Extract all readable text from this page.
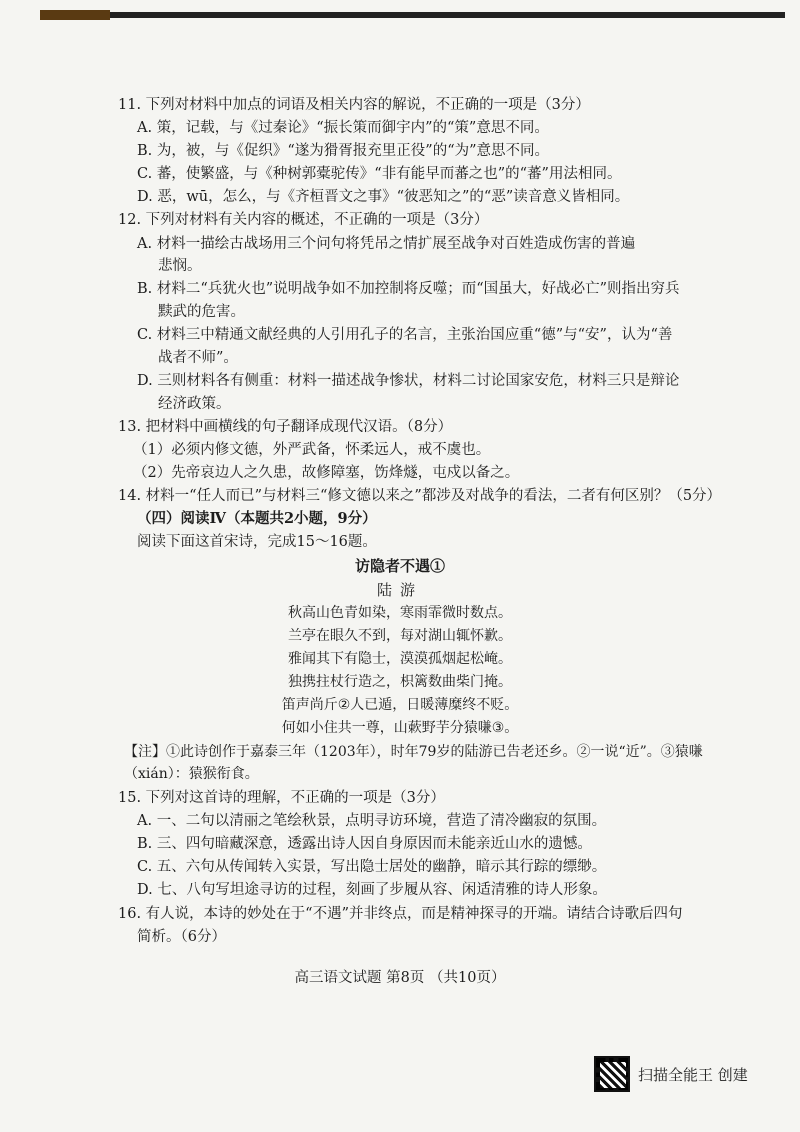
11. 下列对材料中加点的词语及相关内容的解说，不正确的一项是（3分）
A. 策，记载，与《过秦论》“振长策而御宇内”的“策”意思不同。
B. 为，被，与《促织》“遂为猾胥报充里正役”的“为”意思不同。
C. 蕃，使繁盛，与《种树郭橐驼传》“非有能早而蕃之也”的“蕃”用法相同。
D. 恶，wū，怎么，与《齐桓晋文之事》“彼恶知之”的“恶”读音意义皆相同。
12. 下列对材料有关内容的概述，不正确的一项是（3分）
A. 材料一描绘古战场用三个问句将凭吊之情扩展至战争对百姓造成伤害的普遍
悲悯。
B. 材料二“兵犹火也”说明战争如不加控制将反噬；而“国虽大，好战必亡”则指出穷兵
黩武的危害。
C. 材料三中精通文献经典的人引用孔子的名言，主张治国应重“德”与“安”，认为“善
战者不师”。
D. 三则材料各有侧重：材料一描述战争惨状，材料二讨论国家安危，材料三只是辩论
经济政策。
13. 把材料中画横线的句子翻译成现代汉语。（8分）
（1）必须内修文德，外严武备，怀柔远人，戒不虞也。
（2）先帝哀边人之久患，故修障塞，饬烽燧，屯戍以备之。
14. 材料一“任人而已”与材料三“修文德以来之”都涉及对战争的看法，二者有何区别？（5分）
（四）阅读Ⅳ（本题共2小题，9分）
阅读下面这首宋诗，完成15～16题。
访隐者不遇①
陆游
秋高山色青如染，寒雨霏微时数点。
兰亭在眼久不到，每对湖山辄怀歉。
雅闻其下有隐士，漠漠孤烟起松崦。
独携拄杖行造之，枳篱数曲柴门掩。
笛声尚斤②人已遁，日暖薄糜终不贬。
何如小住共一尊，山蔌野芋分猿嗛③。
【注】①此诗创作于嘉泰三年（1203年），时年79岁的陆游已告老还乡。②一说“近”。③猿嗛
（xián）：猿猴衔食。
15. 下列对这首诗的理解，不正确的一项是（3分）
A. 一、二句以清丽之笔绘秋景，点明寻访环境，营造了清冷幽寂的氛围。
B. 三、四句暗藏深意，透露出诗人因自身原因而未能亲近山水的遗憾。
C. 五、六句从传闻转入实景，写出隐士居处的幽静，暗示其行踪的缥缈。
D. 七、八句写坦途寻访的过程，刻画了步履从容、闲适清雅的诗人形象。
16. 有人说，本诗的妙处在于“不遇”并非终点，而是精神探寻的开端。请结合诗歌后四句
简析。（6分）
高三语文试题 第8页 （共10页）
扫描全能王 创建
